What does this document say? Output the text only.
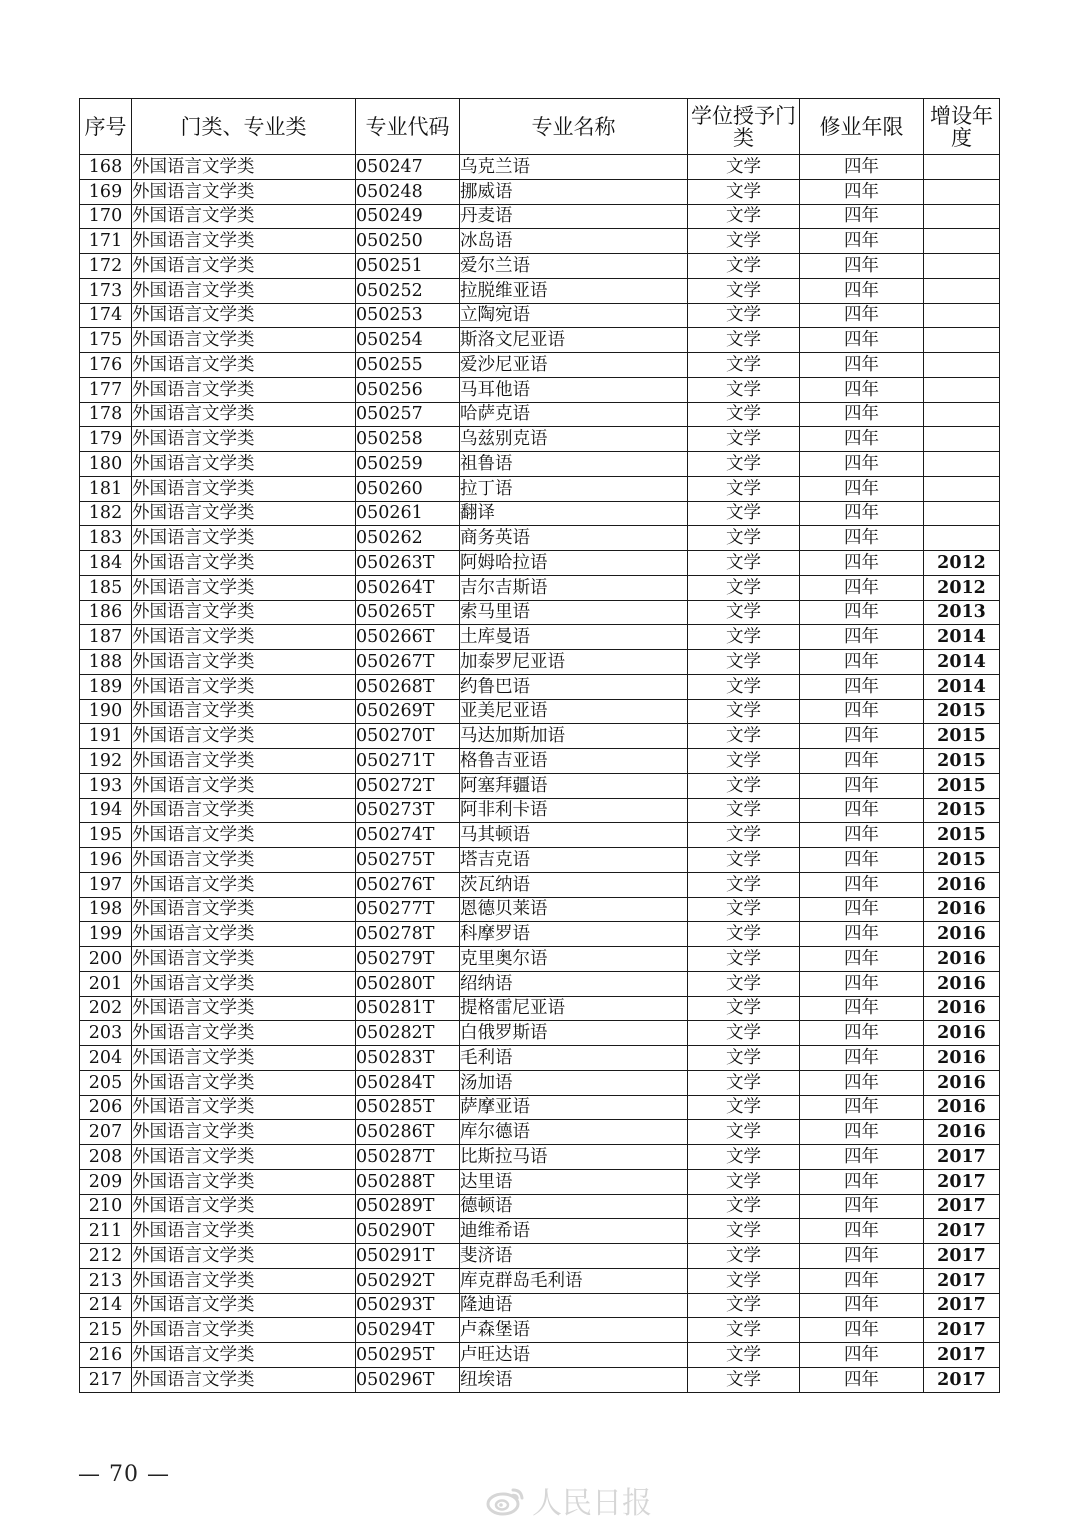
序号	门类、专业类	专业代码	专业名称	学位授予门类	修业年限	增设年度
168	外国语言文学类	050247	乌克兰语	文学	四年	
169	外国语言文学类	050248	挪威语	文学	四年	
170	外国语言文学类	050249	丹麦语	文学	四年	
171	外国语言文学类	050250	冰岛语	文学	四年	
172	外国语言文学类	050251	爱尔兰语	文学	四年	
173	外国语言文学类	050252	拉脱维亚语	文学	四年	
174	外国语言文学类	050253	立陶宛语	文学	四年	
175	外国语言文学类	050254	斯洛文尼亚语	文学	四年	
176	外国语言文学类	050255	爱沙尼亚语	文学	四年	
177	外国语言文学类	050256	马耳他语	文学	四年	
178	外国语言文学类	050257	哈萨克语	文学	四年	
179	外国语言文学类	050258	乌兹别克语	文学	四年	
180	外国语言文学类	050259	祖鲁语	文学	四年	
181	外国语言文学类	050260	拉丁语	文学	四年	
182	外国语言文学类	050261	翻译	文学	四年	
183	外国语言文学类	050262	商务英语	文学	四年	
184	外国语言文学类	050263T	阿姆哈拉语	文学	四年	2012
185	外国语言文学类	050264T	吉尔吉斯语	文学	四年	2012
186	外国语言文学类	050265T	索马里语	文学	四年	2013
187	外国语言文学类	050266T	土库曼语	文学	四年	2014
188	外国语言文学类	050267T	加泰罗尼亚语	文学	四年	2014
189	外国语言文学类	050268T	约鲁巴语	文学	四年	2014
190	外国语言文学类	050269T	亚美尼亚语	文学	四年	2015
191	外国语言文学类	050270T	马达加斯加语	文学	四年	2015
192	外国语言文学类	050271T	格鲁吉亚语	文学	四年	2015
193	外国语言文学类	050272T	阿塞拜疆语	文学	四年	2015
194	外国语言文学类	050273T	阿非利卡语	文学	四年	2015
195	外国语言文学类	050274T	马其顿语	文学	四年	2015
196	外国语言文学类	050275T	塔吉克语	文学	四年	2015
197	外国语言文学类	050276T	茨瓦纳语	文学	四年	2016
198	外国语言文学类	050277T	恩德贝莱语	文学	四年	2016
199	外国语言文学类	050278T	科摩罗语	文学	四年	2016
200	外国语言文学类	050279T	克里奥尔语	文学	四年	2016
201	外国语言文学类	050280T	绍纳语	文学	四年	2016
202	外国语言文学类	050281T	提格雷尼亚语	文学	四年	2016
203	外国语言文学类	050282T	白俄罗斯语	文学	四年	2016
204	外国语言文学类	050283T	毛利语	文学	四年	2016
205	外国语言文学类	050284T	汤加语	文学	四年	2016
206	外国语言文学类	050285T	萨摩亚语	文学	四年	2016
207	外国语言文学类	050286T	库尔德语	文学	四年	2016
208	外国语言文学类	050287T	比斯拉马语	文学	四年	2017
209	外国语言文学类	050288T	达里语	文学	四年	2017
210	外国语言文学类	050289T	德顿语	文学	四年	2017
211	外国语言文学类	050290T	迪维希语	文学	四年	2017
212	外国语言文学类	050291T	斐济语	文学	四年	2017
213	外国语言文学类	050292T	库克群岛毛利语	文学	四年	2017
214	外国语言文学类	050293T	隆迪语	文学	四年	2017
215	外国语言文学类	050294T	卢森堡语	文学	四年	2017
216	外国语言文学类	050295T	卢旺达语	文学	四年	2017
217	外国语言文学类	050296T	纽埃语	文学	四年	2017
— 70 —
人民日报
